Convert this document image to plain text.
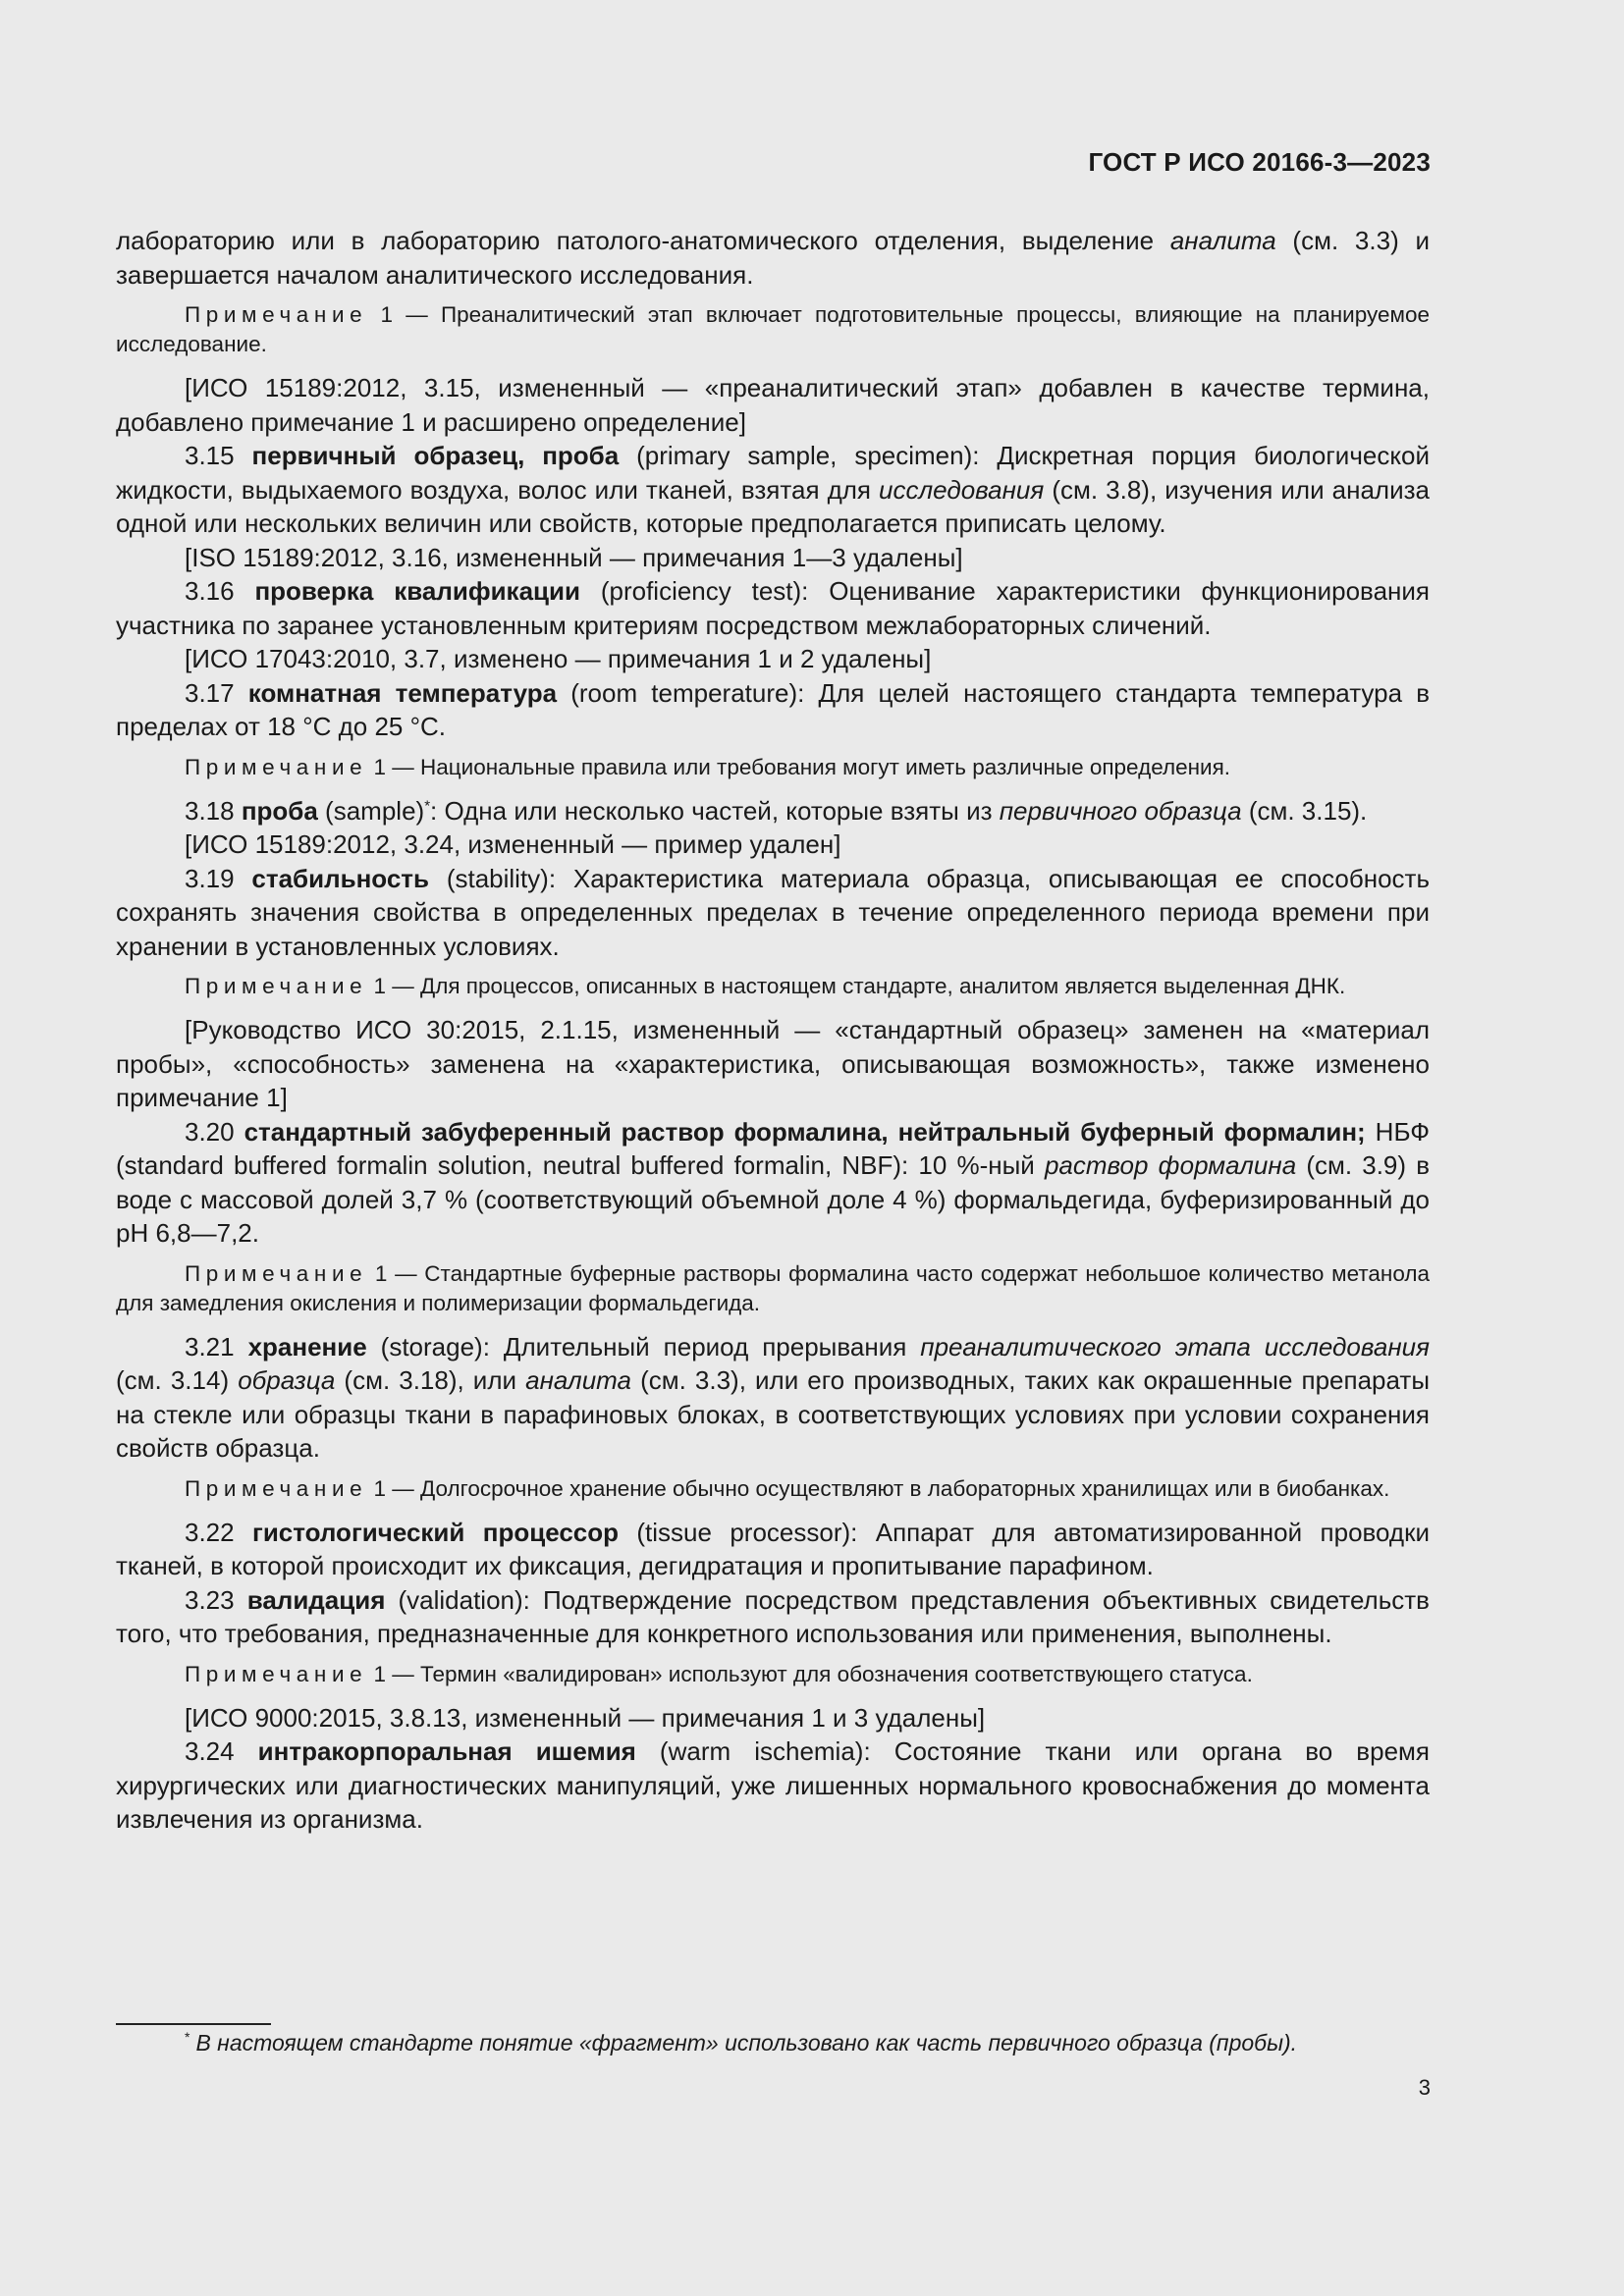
ГОСТ Р ИСО 20166-3—2023

лабораторию или в лабораторию патолого-анатомического отделения, выделение аналита (см. 3.3) и завершается началом аналитического исследования.

Примечание 1 — Преаналитический этап включает подготовительные процессы, влияющие на планируемое исследование.

[ИСО 15189:2012, 3.15, измененный — «преаналитический этап» добавлен в качестве термина, добавлено примечание 1 и расширено определение]

3.15 первичный образец, проба (primary sample, specimen): Дискретная порция биологической жидкости, выдыхаемого воздуха, волос или тканей, взятая для исследования (см. 3.8), изучения или анализа одной или нескольких величин или свойств, которые предполагается приписать целому.

[ISO 15189:2012, 3.16, измененный — примечания 1—3 удалены]

3.16 проверка квалификации (proficiency test): Оценивание характеристики функционирования участника по заранее установленным критериям посредством межлабораторных сличений.

[ИСО 17043:2010, 3.7, изменено — примечания 1 и 2 удалены]

3.17 комнатная температура (room temperature): Для целей настоящего стандарта температура в пределах от 18 °С до 25 °С.

Примечание 1 — Национальные правила или требования могут иметь различные определения.

3.18 проба (sample)*: Одна или несколько частей, которые взяты из первичного образца (см. 3.15).

[ИСО 15189:2012, 3.24, измененный — пример удален]

3.19 стабильность (stability): Характеристика материала образца, описывающая ее способность сохранять значения свойства в определенных пределах в течение определенного периода времени при хранении в установленных условиях.

Примечание 1 — Для процессов, описанных в настоящем стандарте, аналитом является выделенная ДНК.

[Руководство ИСО 30:2015, 2.1.15, измененный — «стандартный образец» заменен на «материал пробы», «способность» заменена на «характеристика, описывающая возможность», также изменено примечание 1]

3.20 стандартный забуференный раствор формалина, нейтральный буферный формалин; НБФ (standard buffered formalin solution, neutral buffered formalin, NBF): 10 %-ный раствор формалина (см. 3.9) в воде с массовой долей 3,7 % (соответствующий объемной доле 4 %) формальдегида, буферизированный до pH 6,8—7,2.

Примечание 1 — Стандартные буферные растворы формалина часто содержат небольшое количество метанола для замедления окисления и полимеризации формальдегида.

3.21 хранение (storage): Длительный период прерывания преаналитического этапа исследования (см. 3.14) образца (см. 3.18), или аналита (см. 3.3), или его производных, таких как окрашенные препараты на стекле или образцы ткани в парафиновых блоках, в соответствующих условиях при условии сохранения свойств образца.

Примечание 1 — Долгосрочное хранение обычно осуществляют в лабораторных хранилищах или в биобанках.

3.22 гистологический процессор (tissue processor): Аппарат для автоматизированной проводки тканей, в которой происходит их фиксация, дегидратация и пропитывание парафином.

3.23 валидация (validation): Подтверждение посредством представления объективных свидетельств того, что требования, предназначенные для конкретного использования или применения, выполнены.

Примечание 1 — Термин «валидирован» используют для обозначения соответствующего статуса.

[ИСО 9000:2015, 3.8.13, измененный — примечания 1 и 3 удалены]

3.24 интракорпоральная ишемия (warm ischemia): Состояние ткани или органа во время хирургических или диагностических манипуляций, уже лишенных нормального кровоснабжения до момента извлечения из организма.

* В настоящем стандарте понятие «фрагмент» использовано как часть первичного образца (пробы).
3
